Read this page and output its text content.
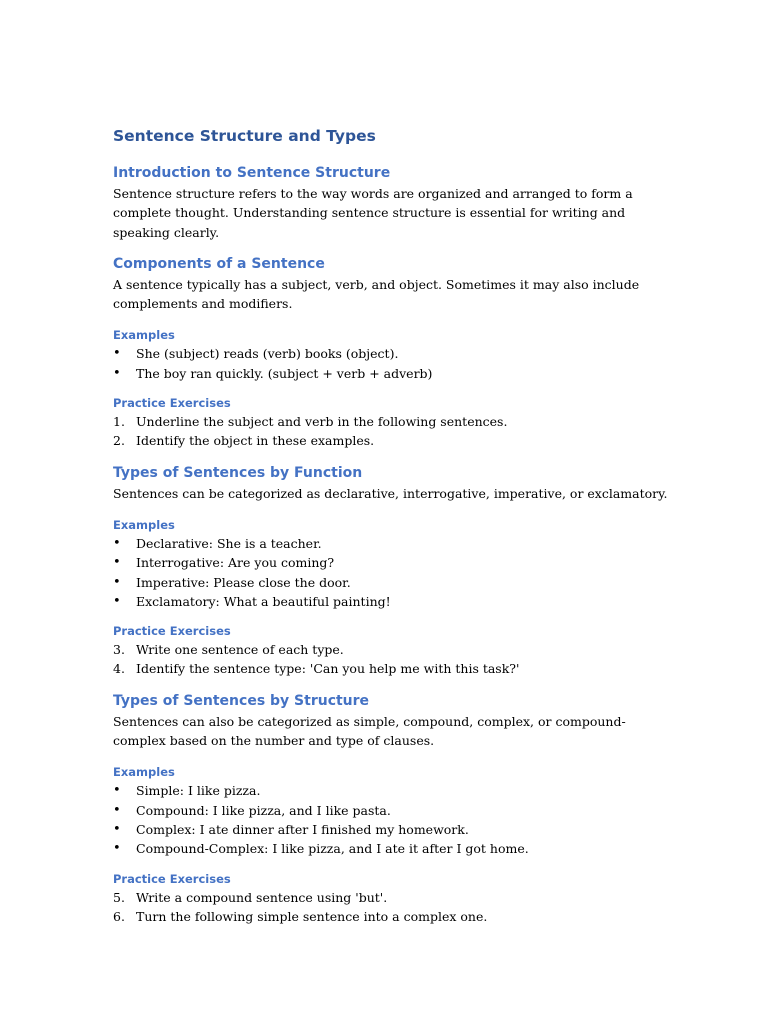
Sentence Structure and Types
Introduction to Sentence Structure

Sentence structure refers to the way words are organized and arranged to form a complete thought. Understanding sentence structure is essential for writing and speaking clearly.

Components of a Sentence

A sentence typically has a subject, verb, and object. Sometimes it may also include complements and modifiers.

Examples
• She (subject) reads (verb) books (object).
• The boy ran quickly. (subject + verb + adverb)
Practice Exercises
1. Underline the subject and verb in the following sentences.
2. Identify the object in these examples.
Types of Sentences by Function

Sentences can be categorized as declarative, interrogative, imperative, or exclamatory.

Examples
• Declarative: She is a teacher.
• Interrogative: Are you coming?
• Imperative: Please close the door.
• Exclamatory: What a beautiful painting!
Practice Exercises
3. Write one sentence of each type.
4. Identify the sentence type: 'Can you help me with this task?'
Types of Sentences by Structure

Sentences can also be categorized as simple, compound, complex, or compound-complex based on the number and type of clauses.

Examples
• Simple: I like pizza.
• Compound: I like pizza, and I like pasta.
• Complex: I ate dinner after I finished my homework.
• Compound-Complex: I like pizza, and I ate it after I got home.
Practice Exercises
5. Write a compound sentence using 'but'.
6. Turn the following simple sentence into a complex one.
